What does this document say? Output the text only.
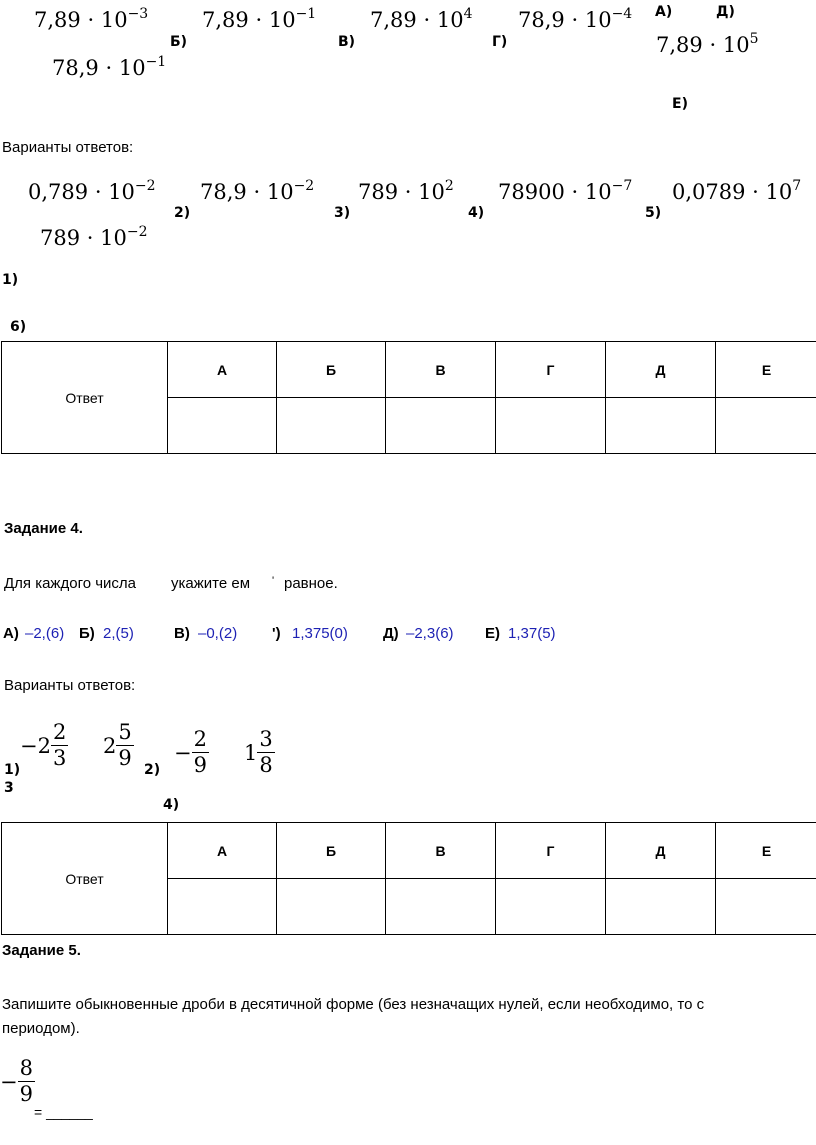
$7,89 \cdot 10^{-3}$	$7,89 \cdot 10^{-1}$	$7,89 \cdot 10^4$ $78,9 \cdot 10^{-4}$
$7,89 \cdot 10^5$
$78,9 \cdot 10^{-1}$
А)
Б)	В)	Г)
Д)
Е)
Варианты ответов:
$0,789 \cdot 10^{-2}$ $78,9 \cdot 10^{-2}$ $789 \cdot 10^2$ $78900 \cdot 10^{-7}$ $0,0789 \cdot 10^7$
$789 \cdot 10^{-2}$
1)
2)	3)	4)	5)
6)
Ответ	А	Б	В	Г	Д	Е

Задание 4.
Для каждого числа укажите ем ' равное.
А) –2,(6) Б) 2,(5)	В) –0,(2) ') 1,375(0) Д) –2,3(6) Е) 1,37(5)
Варианты ответов:
− $2 \frac{2}{3} 2 \frac{5}{9} - \frac{2}{9} 1 \frac{3}{8}$
1)	2)
3
4)
Ответ	А	Б	В	Г	Д	Е

Задание 5.
Запишите обыкновенные дроби в десятичной форме (без незначащих нулей, если необходимо, то с
периодом).
− $\frac{8}{9}$
= ______
